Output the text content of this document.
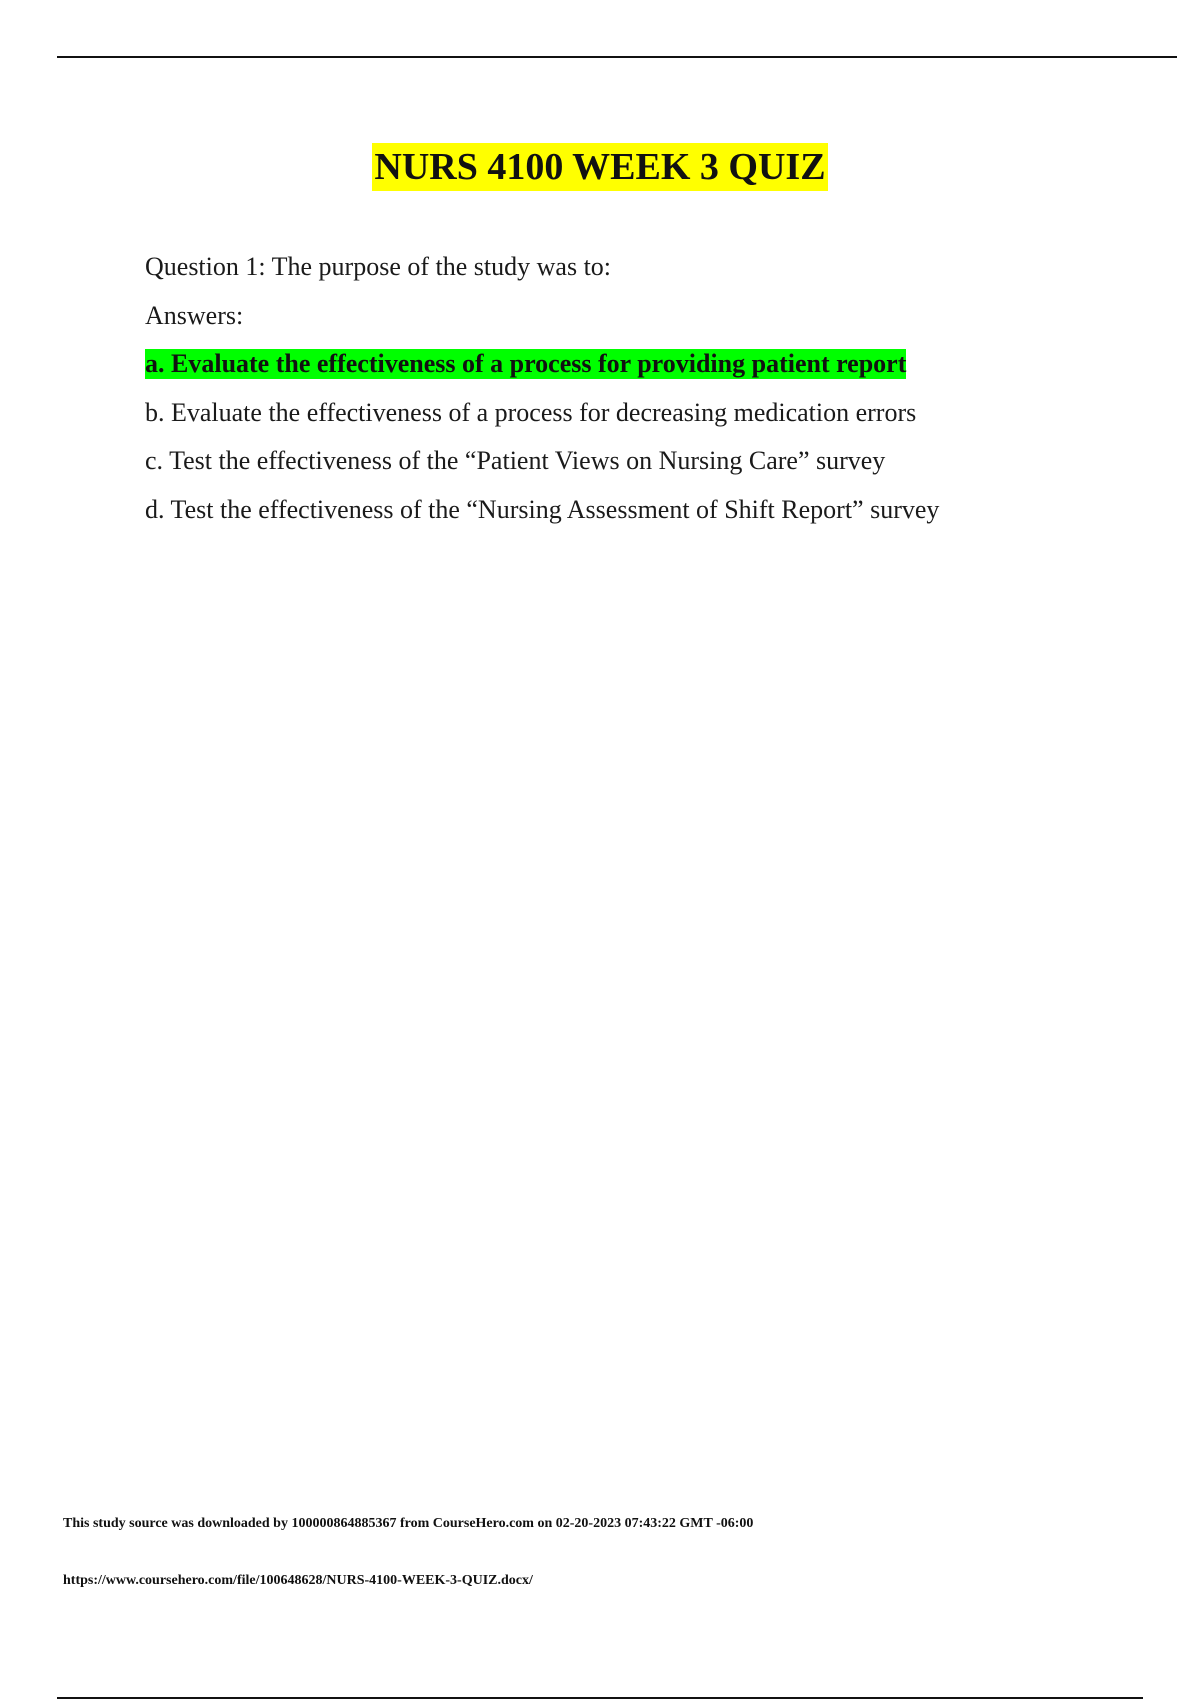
NURS 4100 WEEK 3 QUIZ
Question 1: The purpose of the study was to:
Answers:
a. Evaluate the effectiveness of a process for providing patient report
b. Evaluate the effectiveness of a process for decreasing medication errors
c. Test the effectiveness of the “Patient Views on Nursing Care” survey
d. Test the effectiveness of the “Nursing Assessment of Shift Report” survey
This study source was downloaded by 100000864885367 from CourseHero.com on 02-20-2023 07:43:22 GMT -06:00
https://www.coursehero.com/file/100648628/NURS-4100-WEEK-3-QUIZ.docx/
